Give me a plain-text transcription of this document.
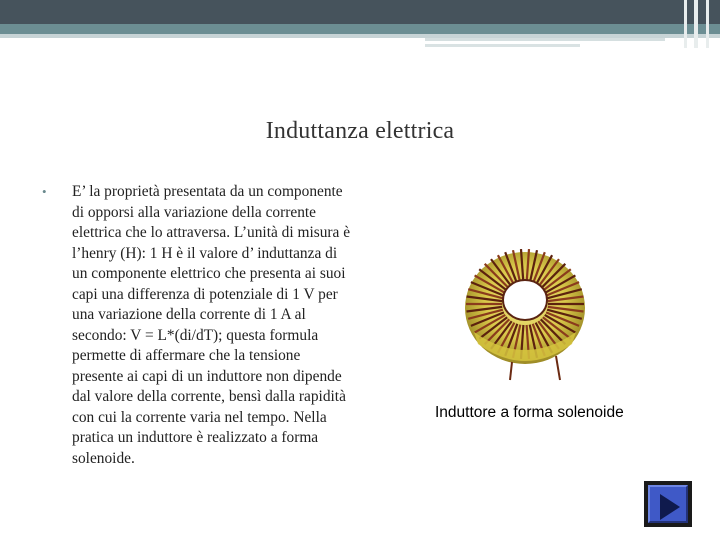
Induttanza elettrica
•	E’ la proprietà presentata da un componente di opporsi alla variazione della corrente elettrica che lo attraversa. L’unità di misura è l’henry (H): 1 H è il valore d’ induttanza di un componente elettrico che presenta ai suoi capi una differenza di potenziale di 1 V per una variazione della corrente di 1 A al secondo: V = L*(di/dT); questa formula permette di affermare che la tensione presente ai capi di un induttore non dipende dal valore della corrente, bensì dalla rapidità con cui la corrente varia nel tempo. Nella pratica un induttore è realizzato a forma solenoide.
Induttore a forma solenoide
